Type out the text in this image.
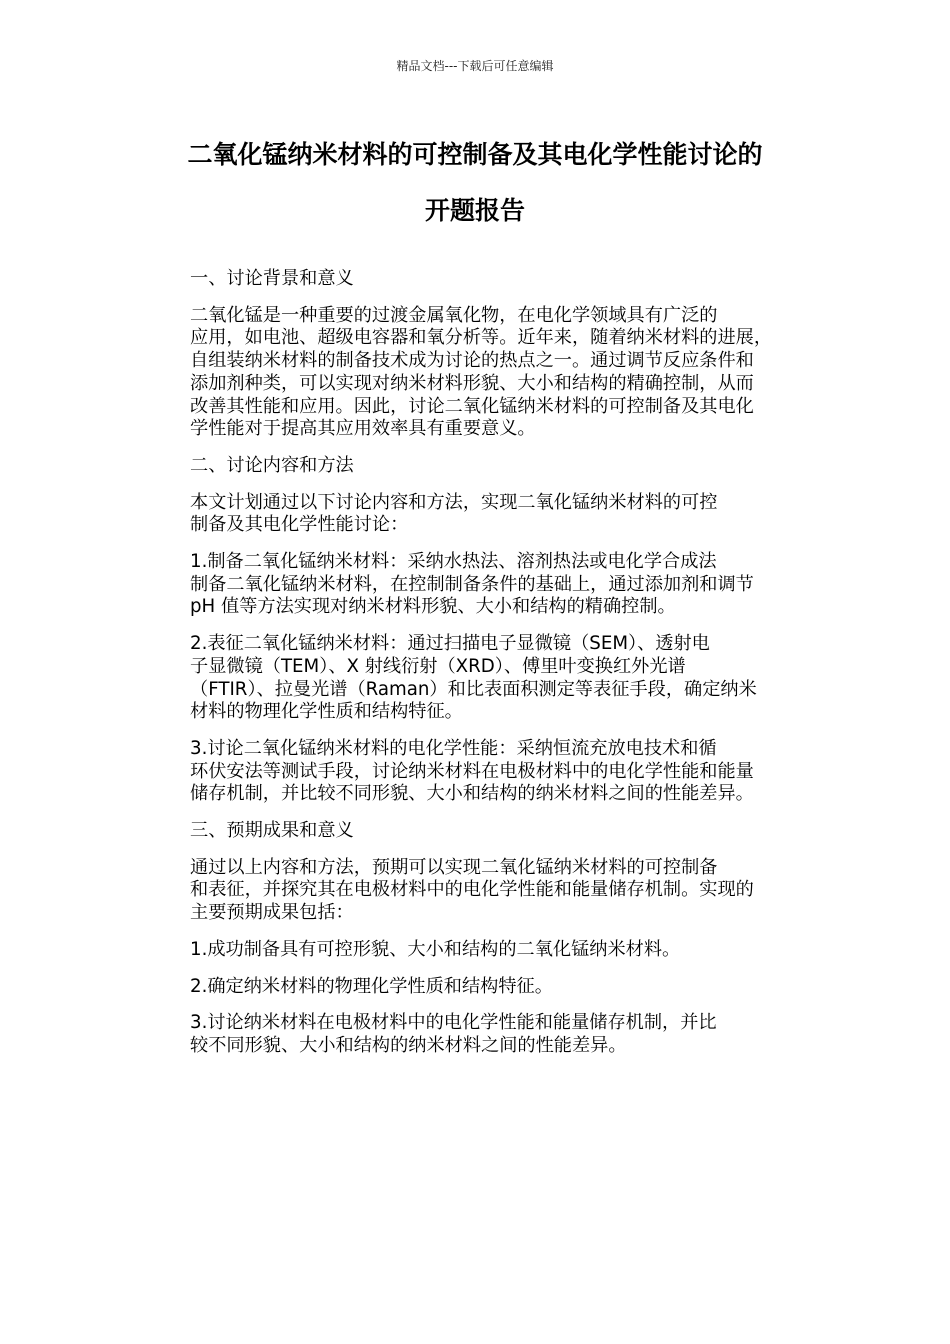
精品文档---下载后可任意编辑
二氧化锰纳米材料的可控制备及其电化学性能讨论的
开题报告

一、讨论背景和意义

二氧化锰是一种重要的过渡金属氧化物，在电化学领域具有广泛的
应用，如电池、超级电容器和氧分析等。近年来，随着纳米材料的进展，
自组装纳米材料的制备技术成为讨论的热点之一。通过调节反应条件和
添加剂种类，可以实现对纳米材料形貌、大小和结构的精确控制，从而
改善其性能和应用。因此，讨论二氧化锰纳米材料的可控制备及其电化
学性能对于提高其应用效率具有重要意义。

二、讨论内容和方法

本文计划通过以下讨论内容和方法，实现二氧化锰纳米材料的可控
制备及其电化学性能讨论：

1.制备二氧化锰纳米材料：采纳水热法、溶剂热法或电化学合成法
制备二氧化锰纳米材料，在控制制备条件的基础上，通过添加剂和调节
pH 值等方法实现对纳米材料形貌、大小和结构的精确控制。

2.表征二氧化锰纳米材料：通过扫描电子显微镜（SEM）、透射电
子显微镜（TEM）、X 射线衍射（XRD）、傅里叶变换红外光谱
（FTIR）、拉曼光谱（Raman）和比表面积测定等表征手段，确定纳米
材料的物理化学性质和结构特征。

3.讨论二氧化锰纳米材料的电化学性能：采纳恒流充放电技术和循
环伏安法等测试手段，讨论纳米材料在电极材料中的电化学性能和能量
储存机制，并比较不同形貌、大小和结构的纳米材料之间的性能差异。

三、预期成果和意义

通过以上内容和方法，预期可以实现二氧化锰纳米材料的可控制备
和表征，并探究其在电极材料中的电化学性能和能量储存机制。实现的
主要预期成果包括：

1.成功制备具有可控形貌、大小和结构的二氧化锰纳米材料。

2.确定纳米材料的物理化学性质和结构特征。

3.讨论纳米材料在电极材料中的电化学性能和能量储存机制，并比
较不同形貌、大小和结构的纳米材料之间的性能差异。
